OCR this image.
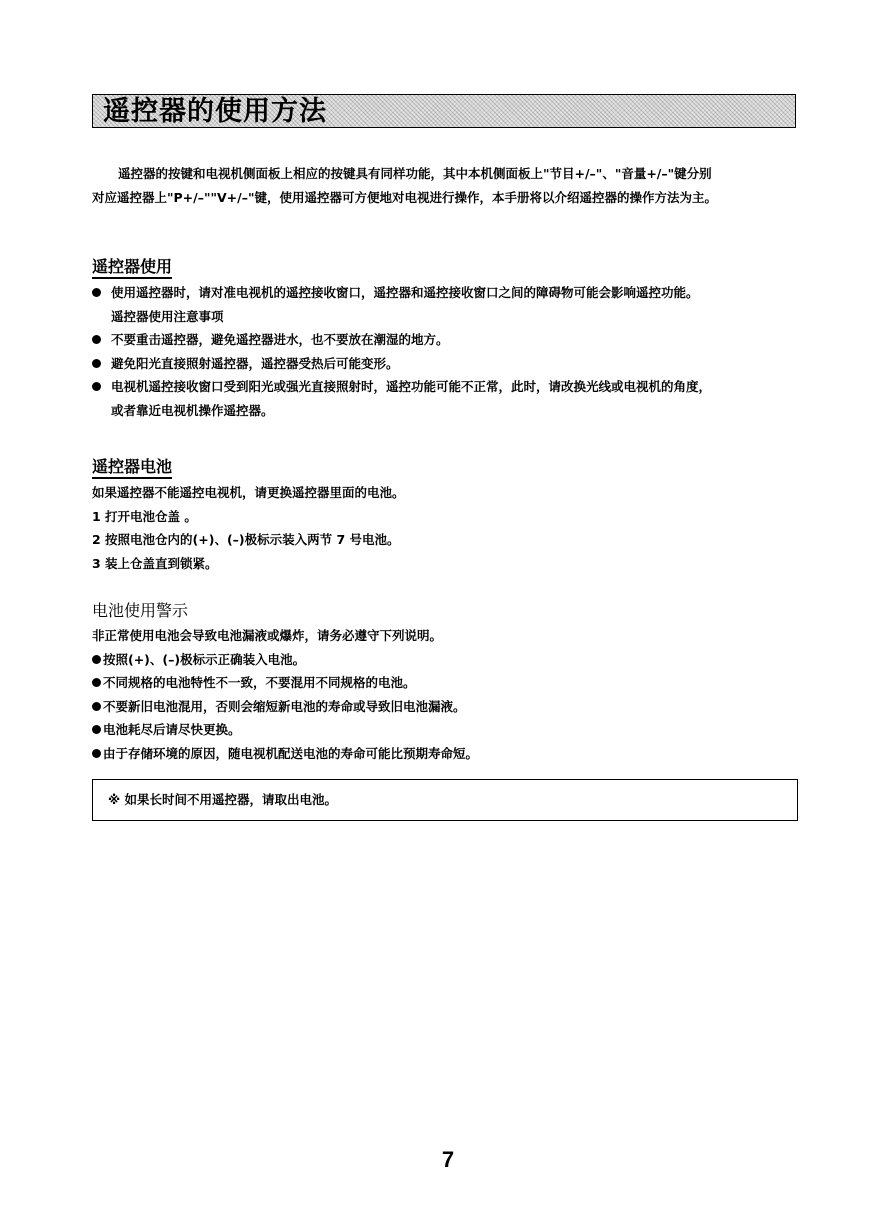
遥控器的使用方法

遥控器的按键和电视机侧面板上相应的按键具有同样功能，其中本机侧面板上"节目+/–"、"音量+/–"键分别

对应遥控器上"P+/–""V+/–"键，使用遥控器可方便地对电视进行操作，本手册将以介绍遥控器的操作方法为主。

遥控器使用
使用遥控器时，请对准电视机的遥控接收窗口，遥控器和遥控接收窗口之间的障碍物可能会影响遥控功能。
遥控器使用注意事项
不要重击遥控器，避免遥控器进水，也不要放在潮湿的地方。
避免阳光直接照射遥控器，遥控器受热后可能变形。
电视机遥控接收窗口受到阳光或强光直接照射时，遥控功能可能不正常，此时，请改换光线或电视机的角度，
或者靠近电视机操作遥控器。
遥控器电池
如果遥控器不能遥控电视机，请更换遥控器里面的电池。
1 打开电池仓盖 。
2 按照电池仓内的(+)、(–)极标示装入两节 7 号电池。
3 装上仓盖直到锁紧。
电池使用警示
非正常使用电池会导致电池漏液或爆炸，请务必遵守下列说明。
按照(+)、(–)极标示正确装入电池。
不同规格的电池特性不一致，不要混用不同规格的电池。
不要新旧电池混用，否则会缩短新电池的寿命或导致旧电池漏液。
电池耗尽后请尽快更换。
由于存储环境的原因，随电视机配送电池的寿命可能比预期寿命短。
※ 如果长时间不用遥控器，请取出电池。
7
